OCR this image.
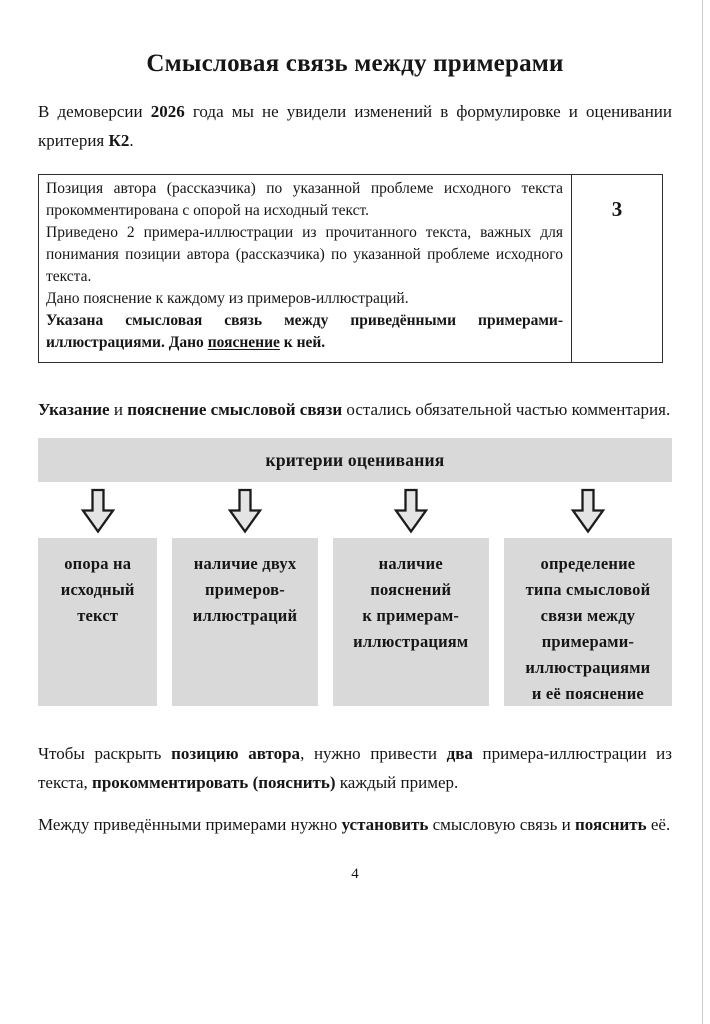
Смысловая связь между примерами

В демоверсии 2026 года мы не увидели изменений в формулировке и оценивании критерия К2.

Позиция автора (рассказчика) по указанной проблеме исходного текста прокомментирована с опорой на исходный текст.

Приведено 2 примера-иллюстрации из прочитанного текста, важных для понимания позиции автора (рассказчика) по указанной проблеме исходного текста.

Дано пояснение к каждому из примеров-иллюстраций.

Указана смысловая связь между приведёнными примерами-иллюстрациями. Дано пояснение к ней.

	3

Указание и пояснение смысловой связи остались обязательной частью комментария.

критерии оценивания
опора на
исходный
текст
наличие двух
примеров-
иллюстраций
наличие
пояснений
к примерам-
иллюстрациям
определение
типа смысловой
связи между
примерами-
иллюстрациями
и её пояснение

Чтобы раскрыть позицию автора, нужно привести два примера-иллюстрации из текста, прокомментировать (пояснить) каждый пример.

Между приведёнными примерами нужно установить смысловую связь и пояснить её.

4
